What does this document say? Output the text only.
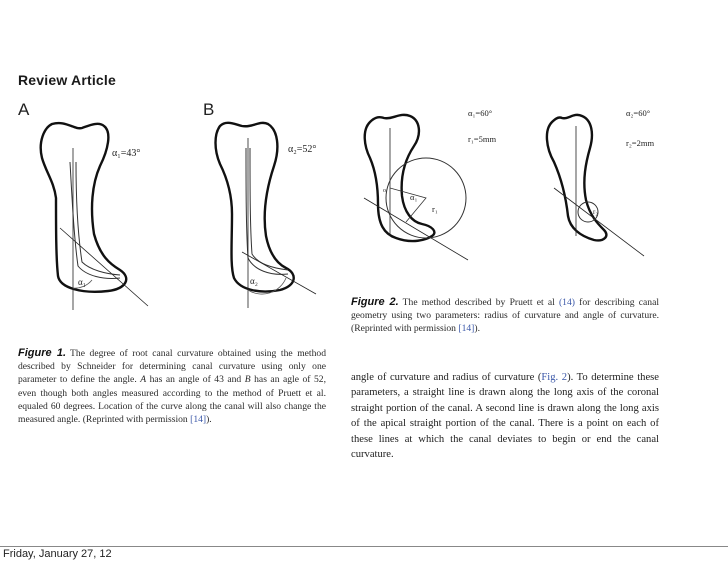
Review Article
A	B
α₁
α₁=43°
α₂
α₂=52°
Figure 1. The degree of root canal curvature obtained using the method described by Schneider for determining canal curvature using only one parameter to define the angle. A has an angle of 43 and B has an agle of 52, even though both angles measured according to the method of Pruett et al. equaled 60 degrees. Location of the curve along the canal will also change the measured angle. (Reprinted with permission [14]).
α₁=60°
r₁=5mm
α₁
r₁
o
α₂=60°
r₂=2mm
r₂
Figure 2. The method described by Pruett et al (14) for describing canal geometry using two parameters: radius of curvature and angle of curvature. (Reprinted with permission [14]).
angle of curvature and radius of curvature (Fig. 2). To determine these parameters, a straight line is drawn along the long axis of the coronal straight portion of the canal. A second line is drawn along the long axis of the apical straight portion of the canal. There is a point on each of these lines at which the canal deviates to begin or end the canal curvature.
Friday, January 27, 12
